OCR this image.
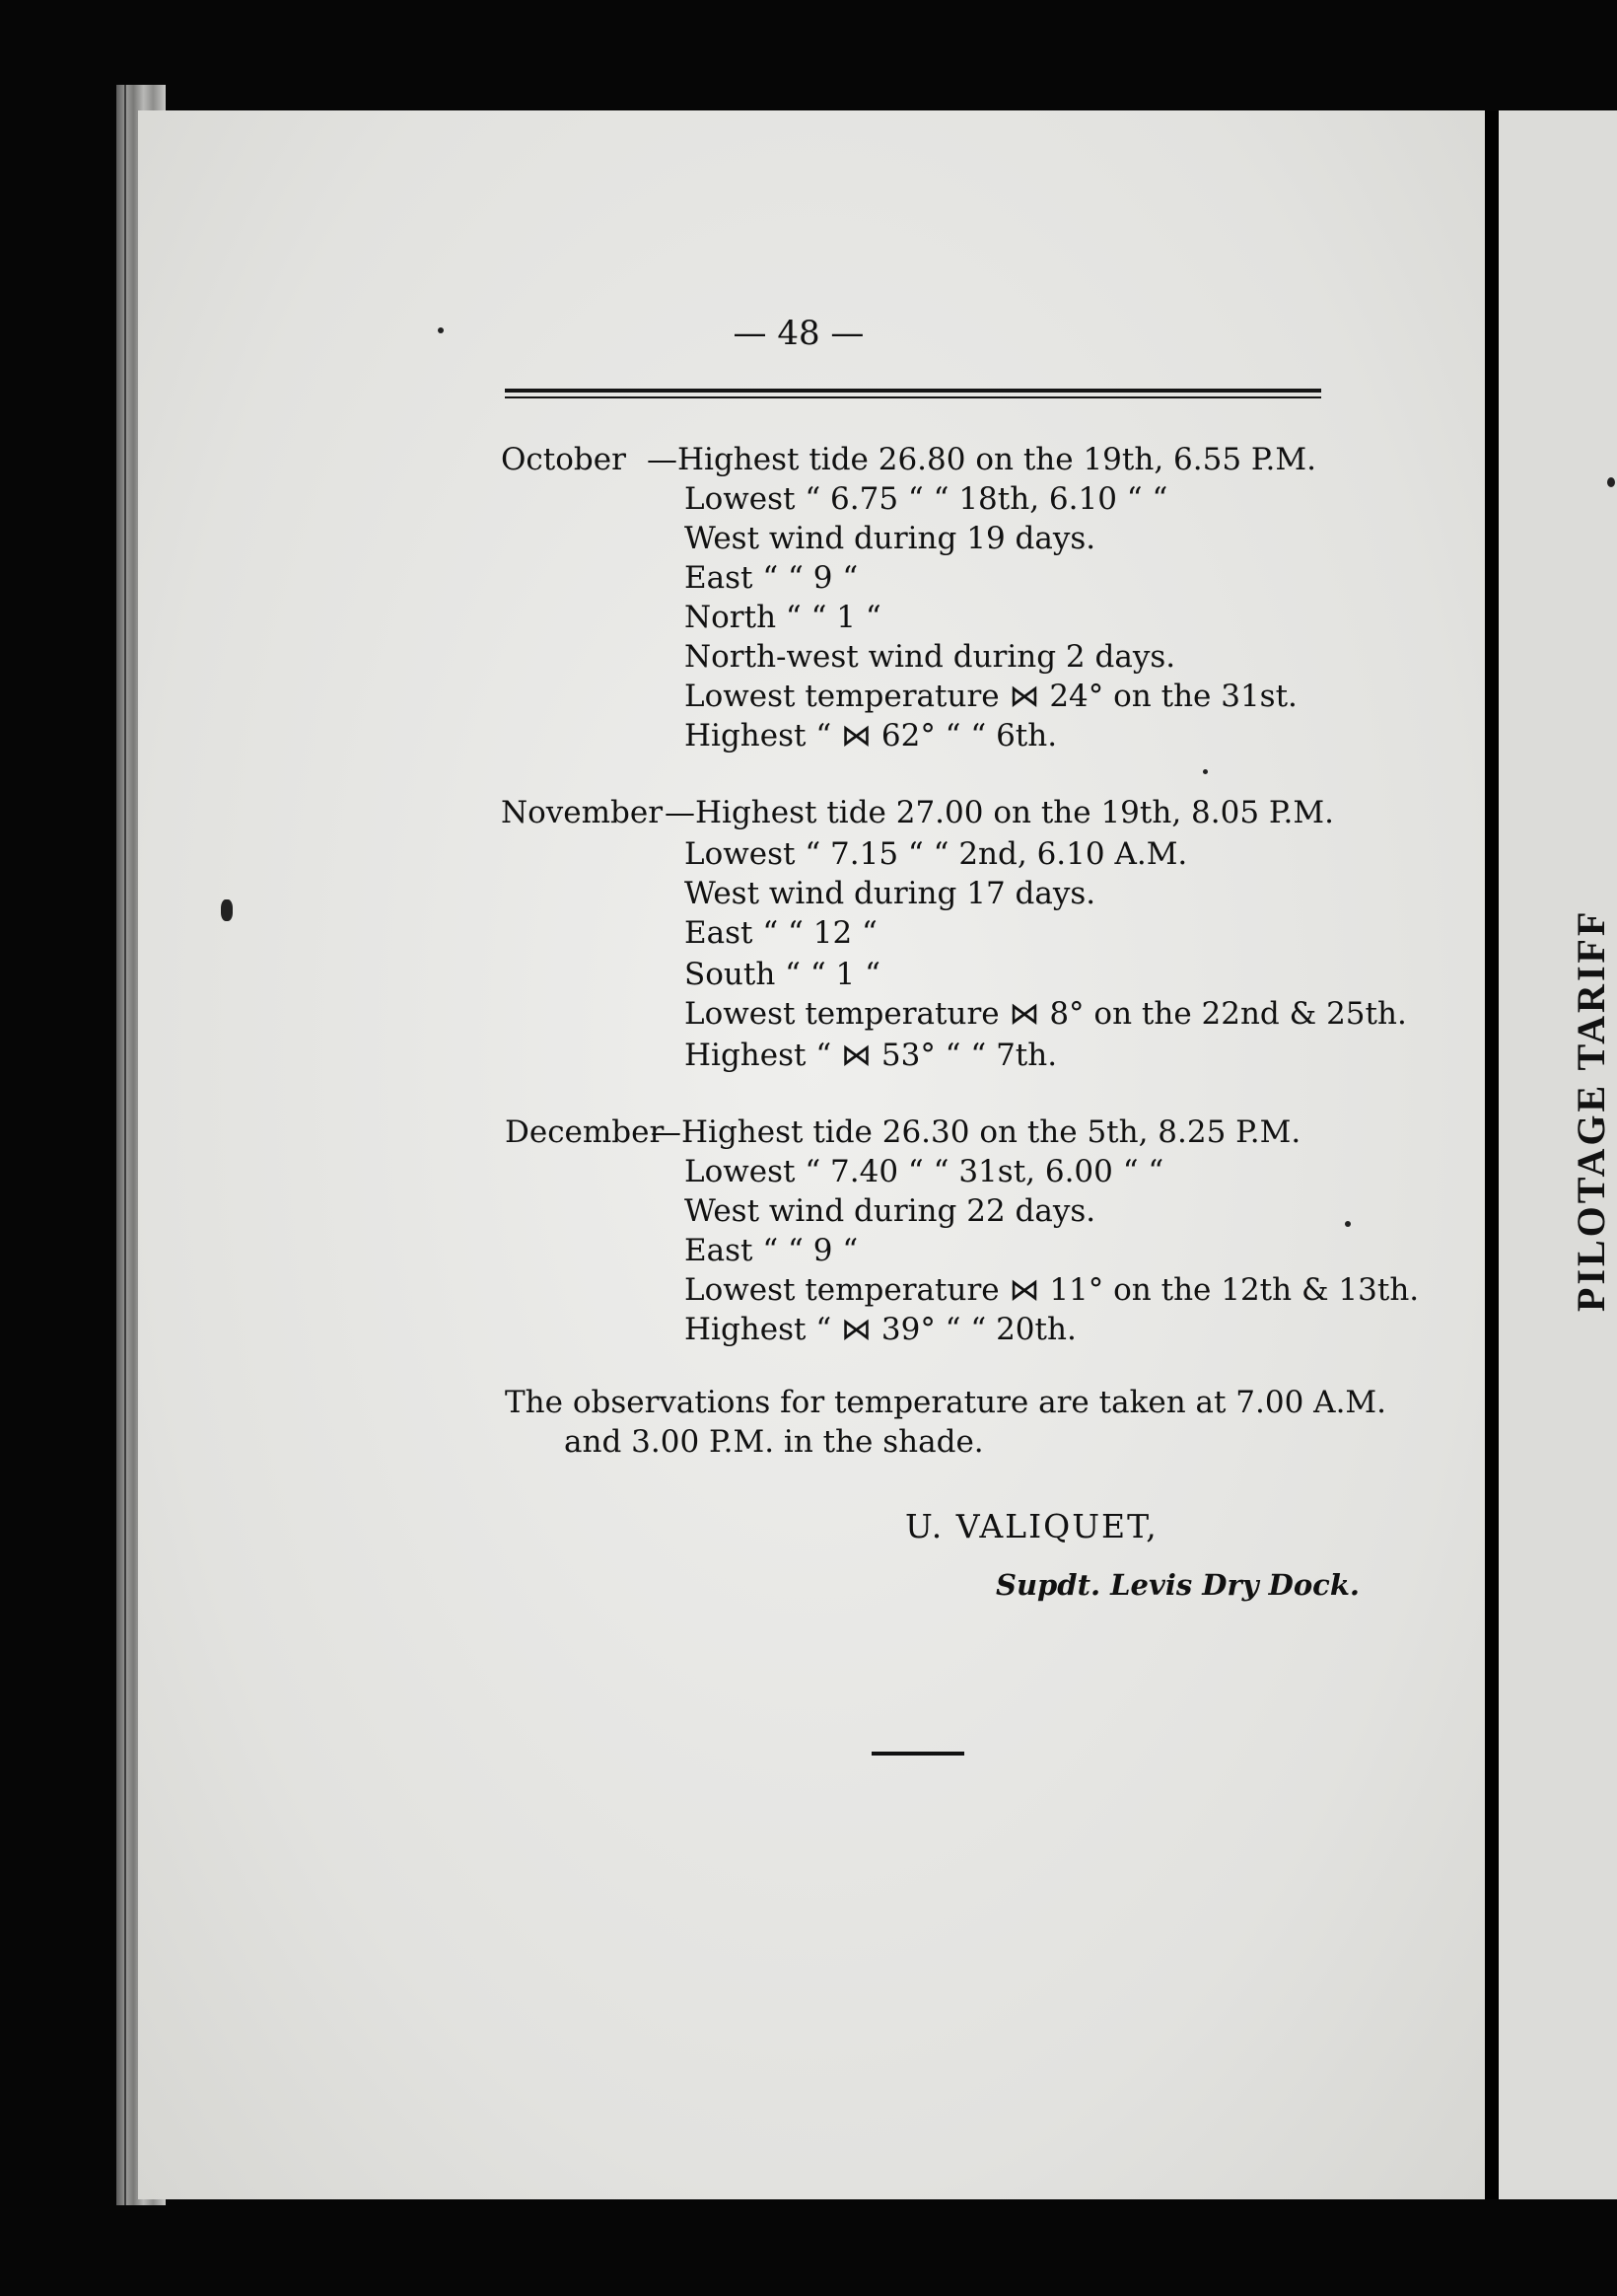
PILOTAGE TARIFF
— 48 —
October —Highest tide 26.80 on the 19th, 6.55 P.M.
Lowest “ 6.75 “ “ 18th, 6.10 “ “
West wind during 19 days.
East “ “ 9 “
North “ “ 1 “
North-west wind during 2 days.
Lowest temperature ⋈ 24° on the 31st.
Highest “ ⋈ 62° “ “ 6th.
November —Highest tide 27.00 on the 19th, 8.05 P.M.
Lowest “ 7.15 “ “ 2nd, 6.10 A.M.
West wind during 17 days.
East “ “ 12 “
South “ “ 1 “
Lowest temperature ⋈ 8° on the 22nd & 25th.
Highest “ ⋈ 53° “ “ 7th.
December
—Highest tide 26.30 on the 5th, 8.25 P.M.
Lowest “ 7.40 “ “ 31st, 6.00 “ “
West wind during 22 days.
East “ “ 9 “
Lowest temperature ⋈ 11° on the 12th & 13th.
Highest “ ⋈ 39° “ “ 20th.
The observations for temperature are taken at 7.00 A.M.
and 3.00 P.M. in the shade.
U. VALIQUET,
Supdt. Levis Dry Dock.
